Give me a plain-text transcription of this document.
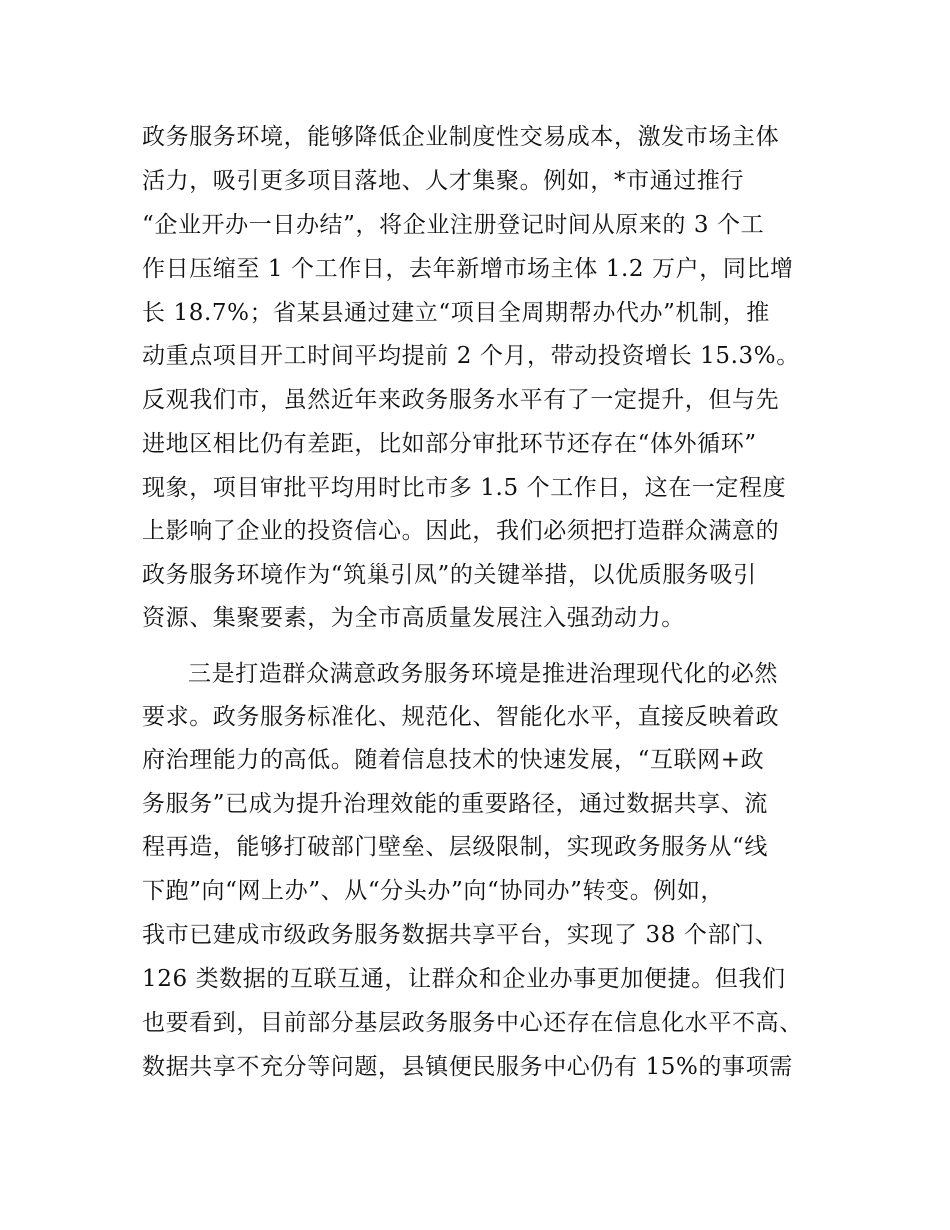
政务服务环境，能够降低企业制度性交易成本，激发市场主体
活力，吸引更多项目落地、人才集聚。例如，*市通过推行
“企业开办一日办结”，将企业注册登记时间从原来的 3 个工
作日压缩至 1 个工作日，去年新增市场主体 1.2 万户，同比增
长 18.7%；省某县通过建立“项目全周期帮办代办”机制，推
动重点项目开工时间平均提前 2 个月，带动投资增长 15.3%。
反观我们市，虽然近年来政务服务水平有了一定提升，但与先
进地区相比仍有差距，比如部分审批环节还存在“体外循环”
现象，项目审批平均用时比市多 1.5 个工作日，这在一定程度
上影响了企业的投资信心。因此，我们必须把打造群众满意的
政务服务环境作为“筑巢引凤”的关键举措，以优质服务吸引
资源、集聚要素，为全市高质量发展注入强劲动力。
三是打造群众满意政务服务环境是推进治理现代化的必然
要求。政务服务标准化、规范化、智能化水平，直接反映着政
府治理能力的高低。随着信息技术的快速发展，“互联网+政
务服务”已成为提升治理效能的重要路径，通过数据共享、流
程再造，能够打破部门壁垒、层级限制，实现政务服务从“线
下跑”向“网上办”、从“分头办”向“协同办”转变。例如，
我市已建成市级政务服务数据共享平台，实现了 38 个部门、
126 类数据的互联互通，让群众和企业办事更加便捷。但我们
也要看到，目前部分基层政务服务中心还存在信息化水平不高、
数据共享不充分等问题，县镇便民服务中心仍有 15%的事项需
